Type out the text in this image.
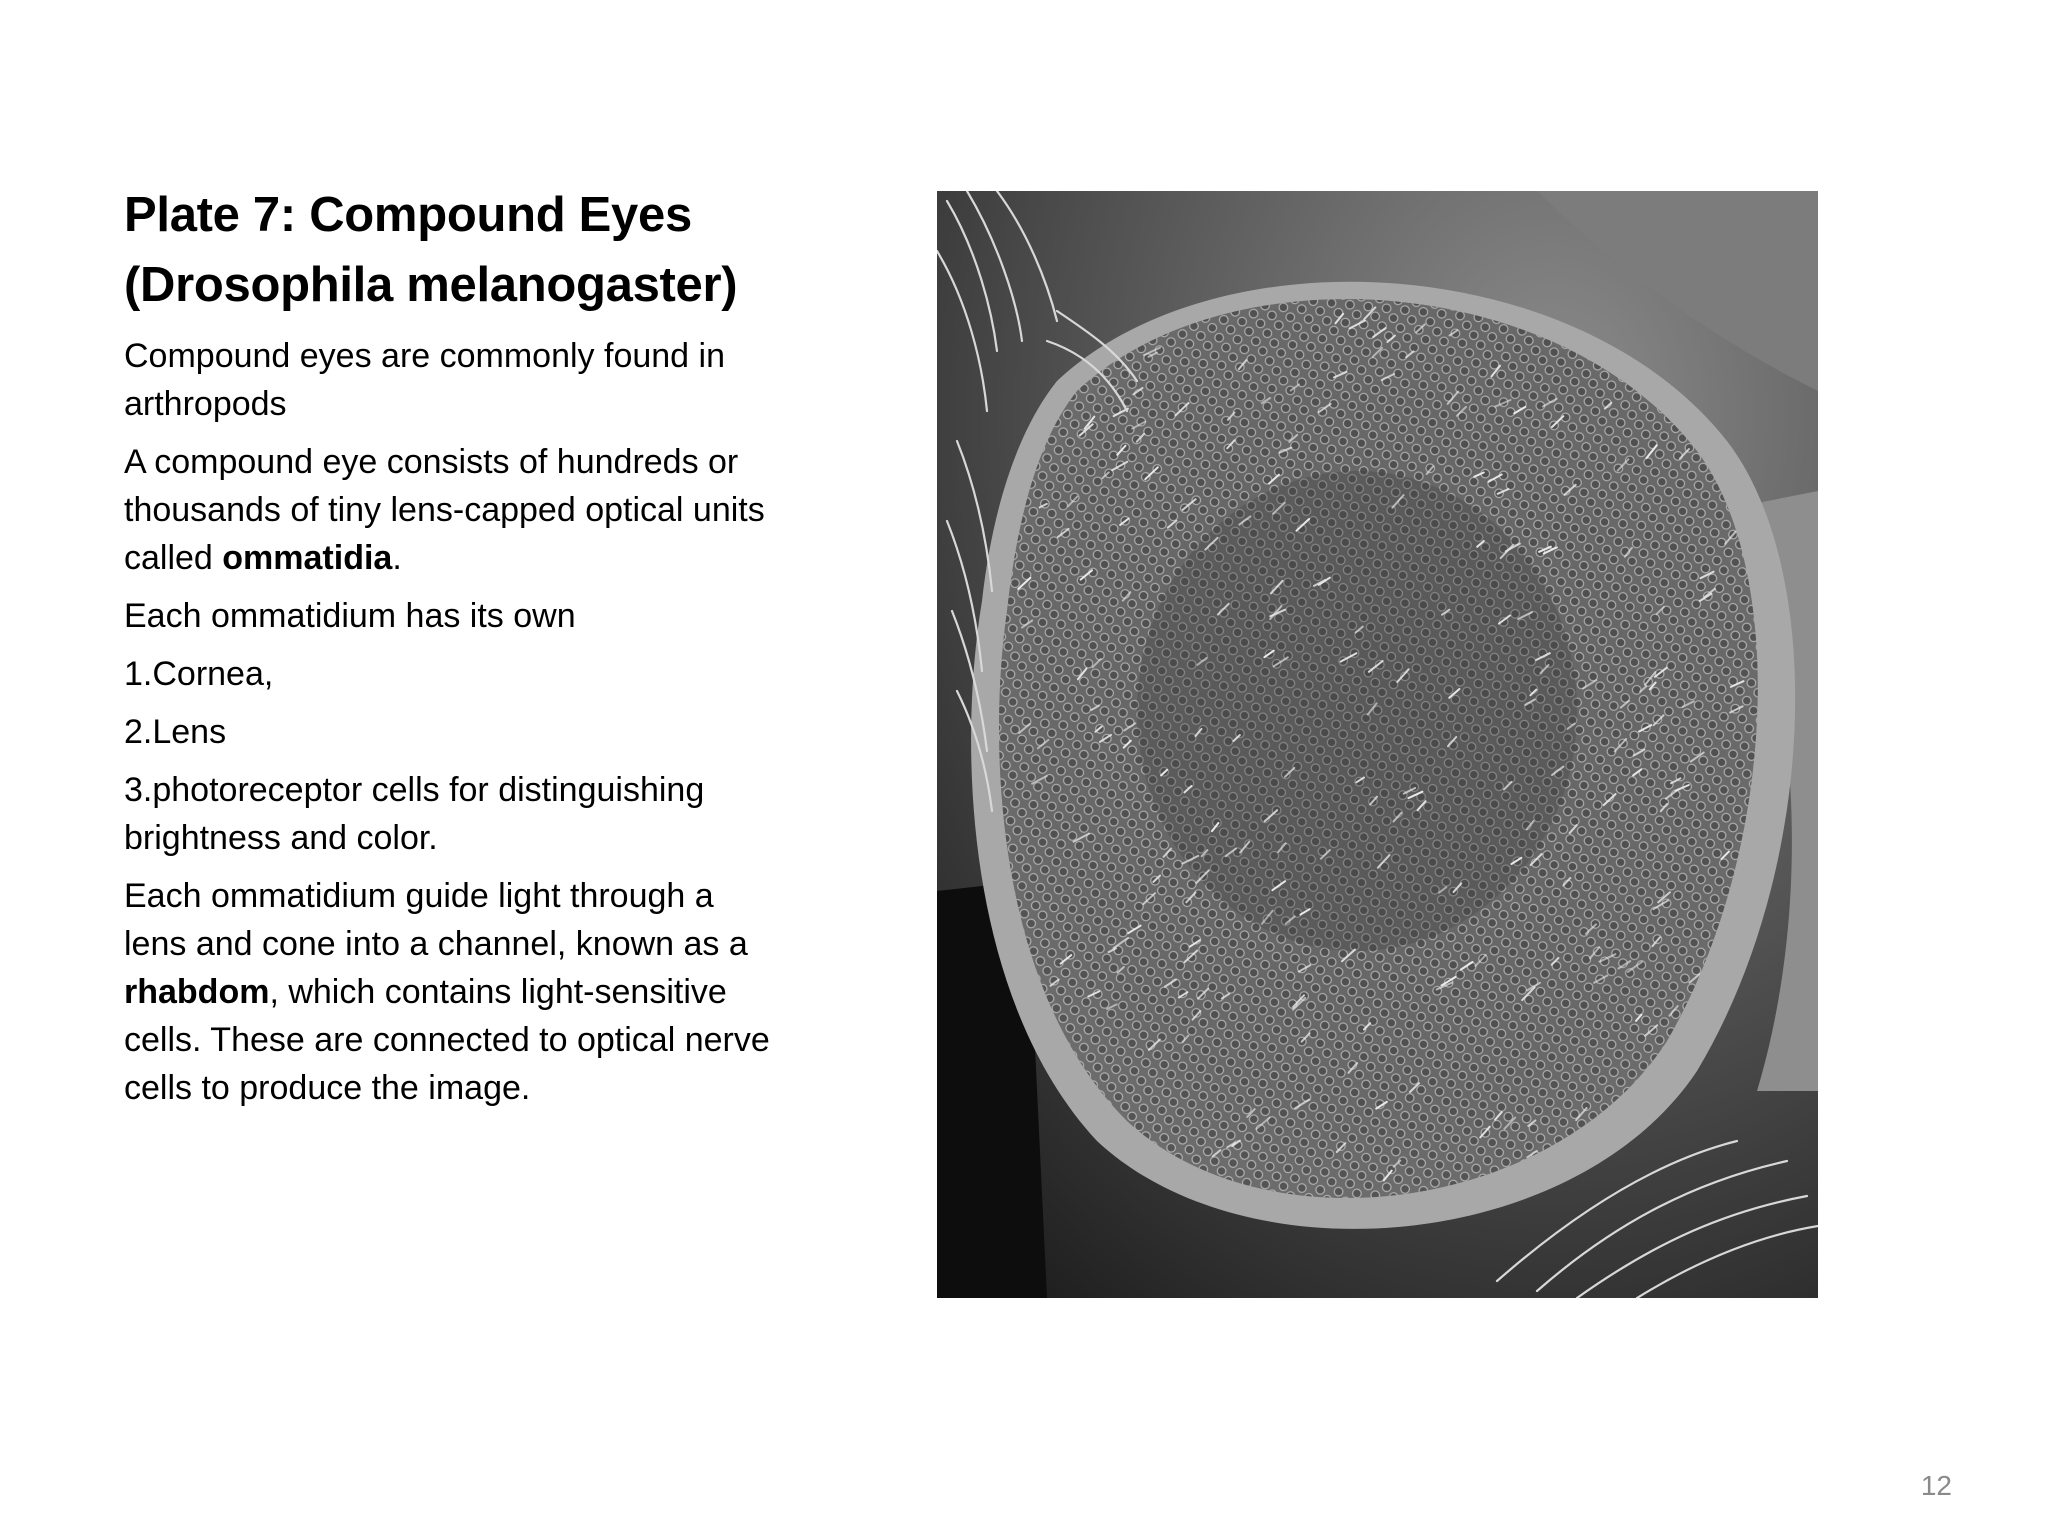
Plate 7: Compound Eyes
(Drosophila melanogaster)

Compound eyes are commonly found in arthropods

A compound eye consists of hundreds or thousands of tiny lens-capped optical units called ommatidia.

Each ommatidium has its own

1.Cornea,

2.Lens

3.photoreceptor cells for distinguishing brightness and color.

Each ommatidium guide light through a lens and cone into a channel, known as a rhabdom, which contains light-sensitive cells. These are connected to optical nerve cells to produce the image.

12
